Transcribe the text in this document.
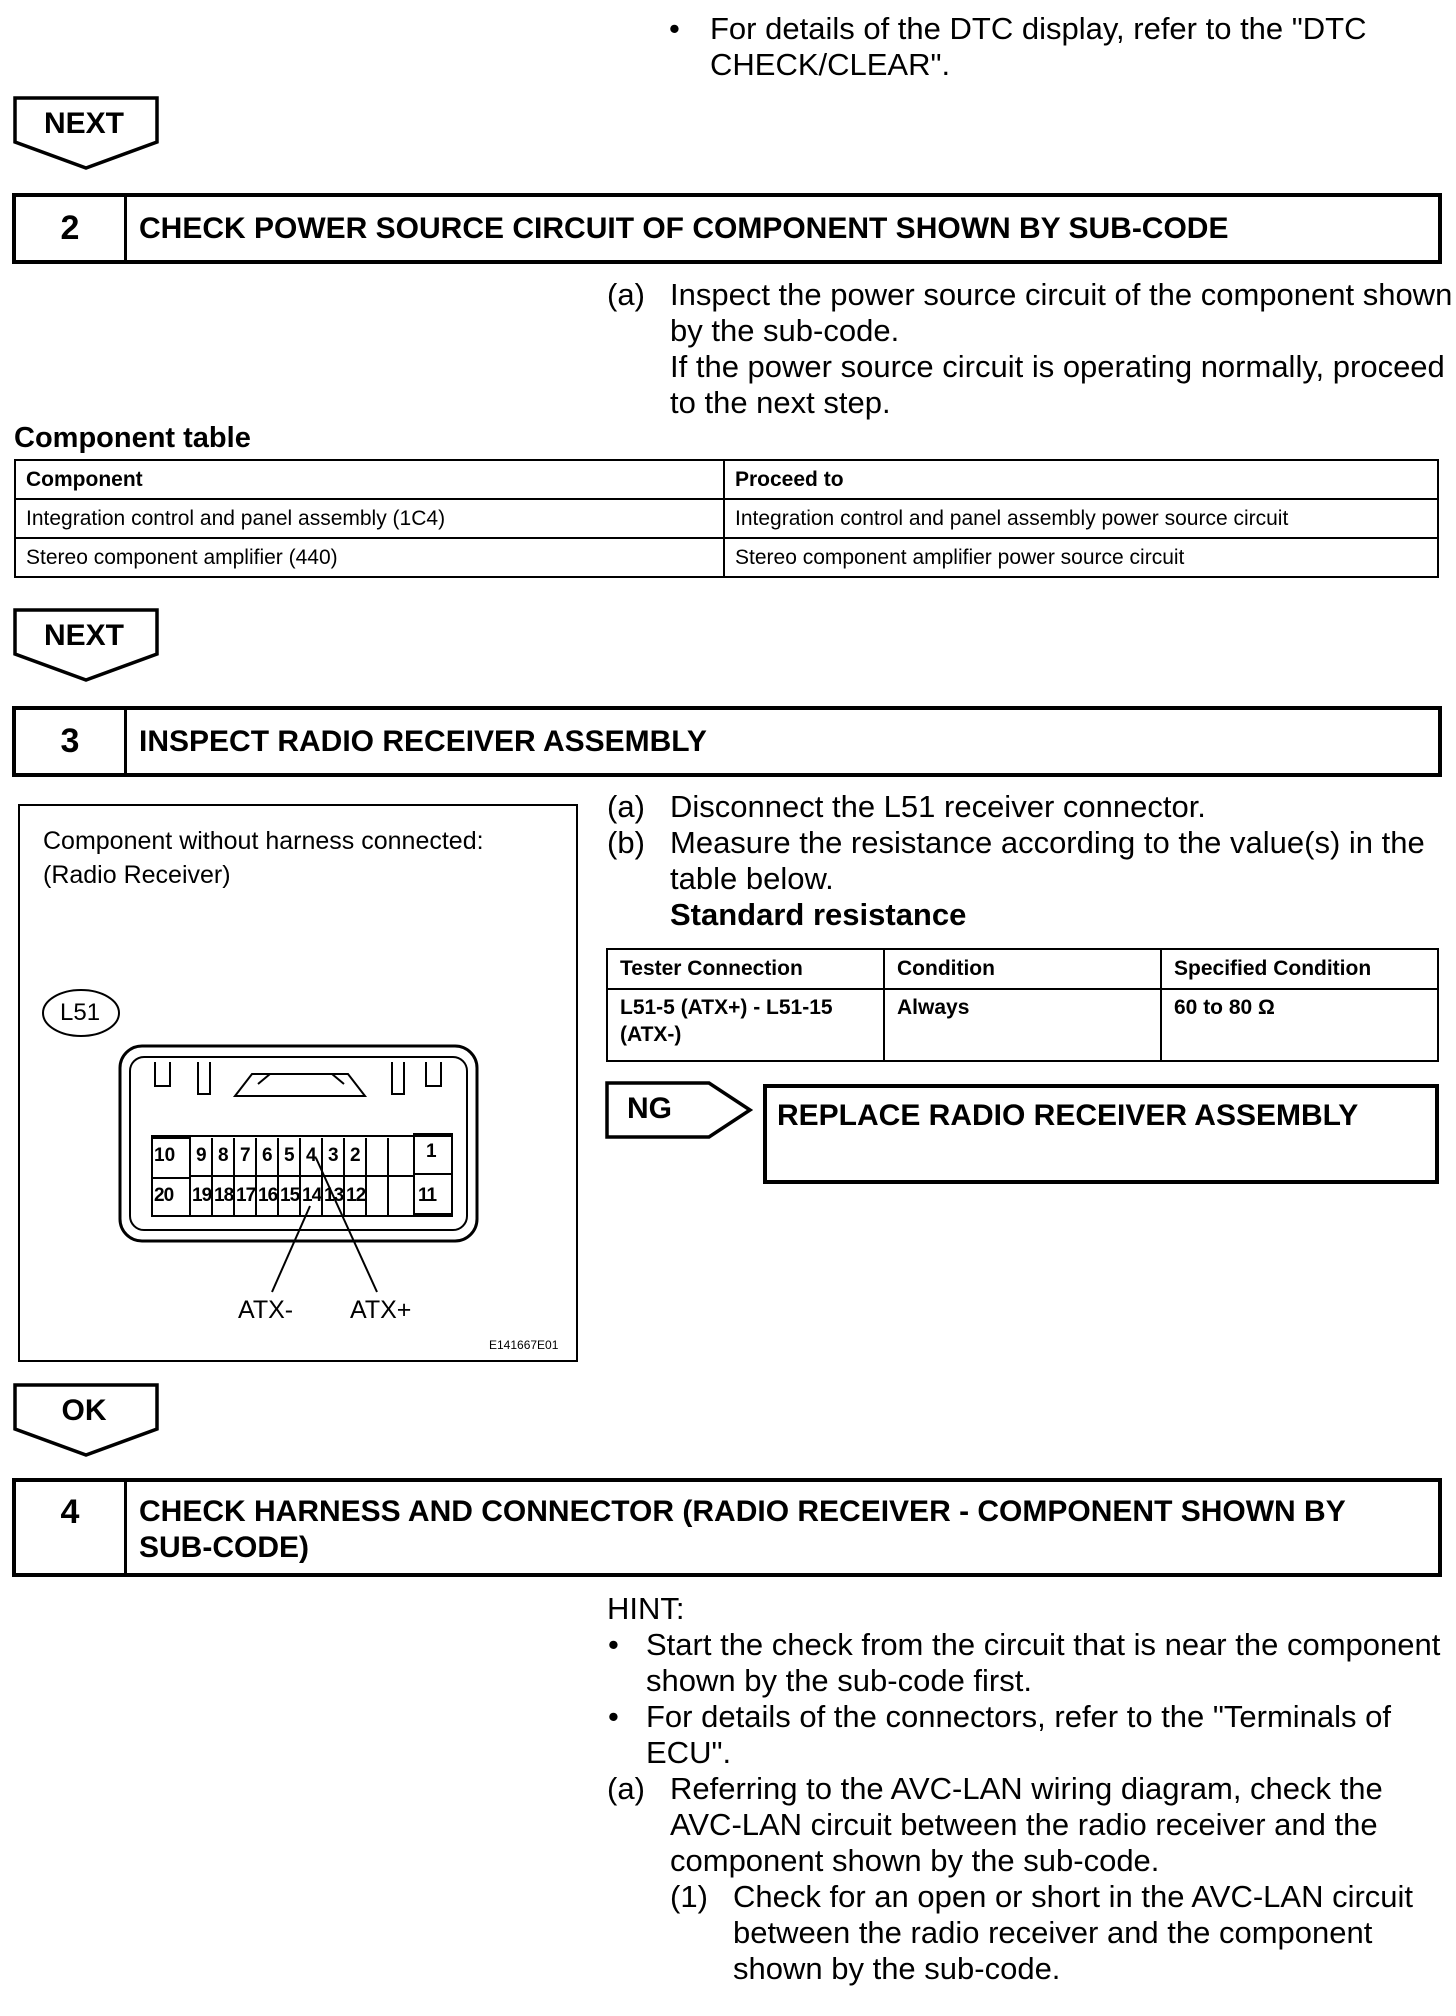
• For details of the DTC display, refer to the "DTC
CHECK/CLEAR".
NEXT
2	CHECK POWER SOURCE CIRCUIT OF COMPONENT SHOWN BY SUB-CODE
(a) Inspect the power source circuit of the component shown
by the sub-code.
If the power source circuit is operating normally, proceed
to the next step.
Component table
Component	Proceed to
Integration control and panel assembly (1C4)	Integration control and panel assembly power source circuit
Stereo component amplifier (440)	Stereo component amplifier power source circuit
NEXT
3	INSPECT RADIO RECEIVER ASSEMBLY
(a) Disconnect the L51 receiver connector.
(b) Measure the resistance according to the value(s) in the
table below.
Standard resistance
Tester Connection	Condition	Specified Condition
L51-5 (ATX+) - L51-15
(ATX-)	Always	60 to 80 Ω
NG	REPLACE RADIO RECEIVER ASSEMBLY
Component without harness connected:
(Radio Receiver)
L51
10 9 8 7 6 5 4 3 2	1
20 19 18 17 16 15 14 13 12	11
ATX- ATX+
E141667E01
OK
4	CHECK HARNESS AND CONNECTOR (RADIO RECEIVER - COMPONENT SHOWN BY
SUB-CODE)
HINT:
• Start the check from the circuit that is near the component
shown by the sub-code first.
• For details of the connectors, refer to the "Terminals of
ECU".
(a) Referring to the AVC-LAN wiring diagram, check the
AVC-LAN circuit between the radio receiver and the
component shown by the sub-code.
(1) Check for an open or short in the AVC-LAN circuit
between the radio receiver and the component
shown by the sub-code.
